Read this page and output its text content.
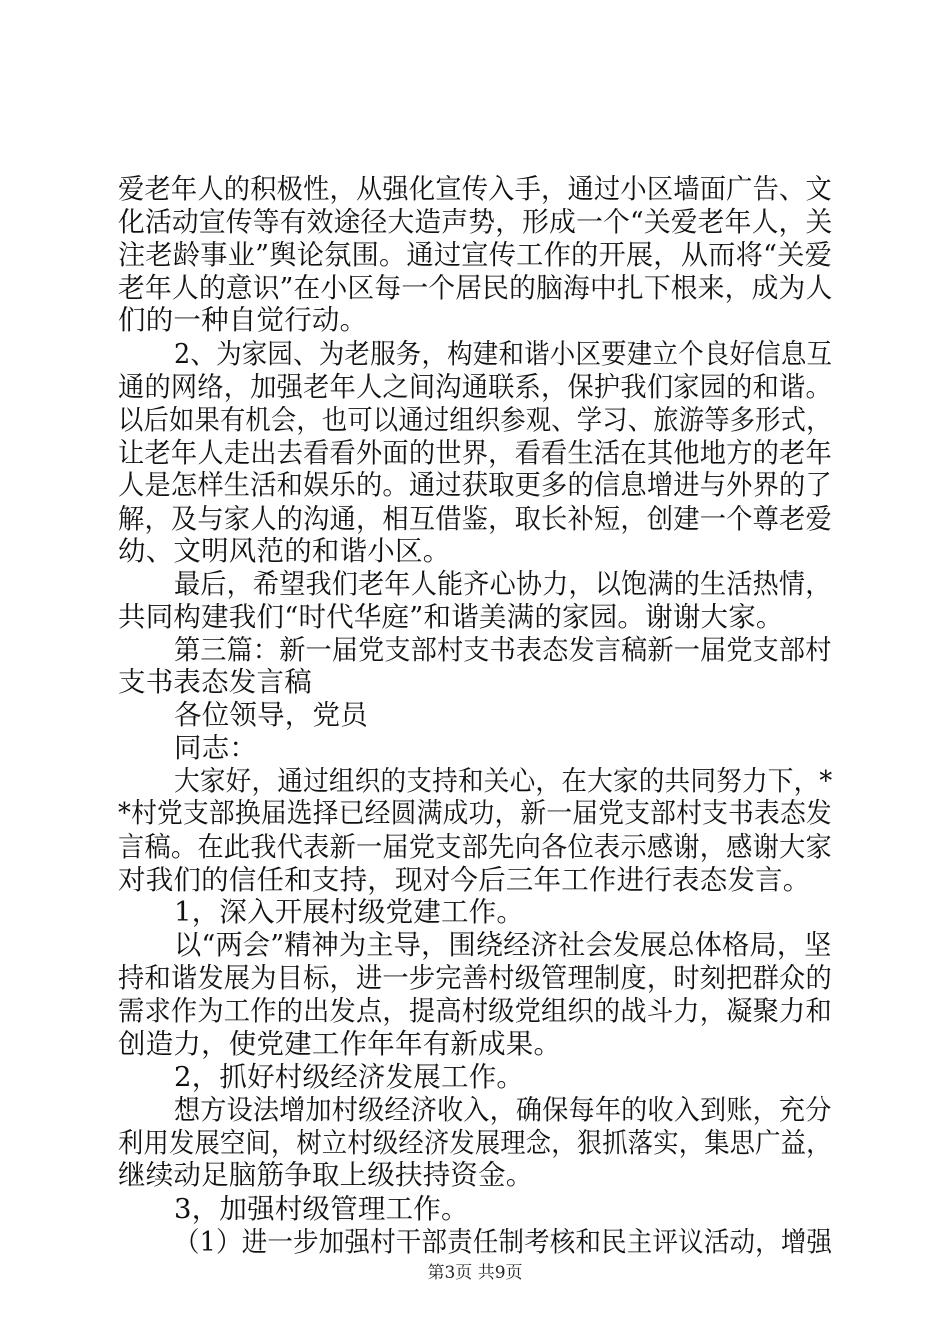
爱老年人的积极性，从强化宣传入手，通过小区墙面广告、文
化活动宣传等有效途径大造声势，形成一个“关爱老年人，关
注老龄事业”舆论氛围。通过宣传工作的开展，从而将“关爱
老年人的意识”在小区每一个居民的脑海中扎下根来，成为人
们的一种自觉行动。
2、为家园、为老服务，构建和谐小区要建立个良好信息互
通的网络，加强老年人之间沟通联系，保护我们家园的和谐。
以后如果有机会，也可以通过组织参观、学习、旅游等多形式，
让老年人走出去看看外面的世界，看看生活在其他地方的老年
人是怎样生活和娱乐的。通过获取更多的信息增进与外界的了
解，及与家人的沟通，相互借鉴，取长补短，创建一个尊老爱
幼、文明风范的和谐小区。
最后，希望我们老年人能齐心协力，以饱满的生活热情，
共同构建我们“时代华庭”和谐美满的家园。谢谢大家。
第三篇：新一届党支部村支书表态发言稿新一届党支部村
支书表态发言稿
各位领导，党员
同志：
大家好，通过组织的支持和关心，在大家的共同努力下，*
*村党支部换届选择已经圆满成功，新一届党支部村支书表态发
言稿。在此我代表新一届党支部先向各位表示感谢，感谢大家
对我们的信任和支持，现对今后三年工作进行表态发言。
1，深入开展村级党建工作。
以“两会”精神为主导，围绕经济社会发展总体格局，坚
持和谐发展为目标，进一步完善村级管理制度，时刻把群众的
需求作为工作的出发点，提高村级党组织的战斗力，凝聚力和
创造力，使党建工作年年有新成果。
2，抓好村级经济发展工作。
想方设法增加村级经济收入，确保每年的收入到账，充分
利用发展空间，树立村级经济发展理念，狠抓落实，集思广益，
继续动足脑筋争取上级扶持资金。
3，加强村级管理工作。
（1）进一步加强村干部责任制考核和民主评议活动，增强
第3页 共9页
